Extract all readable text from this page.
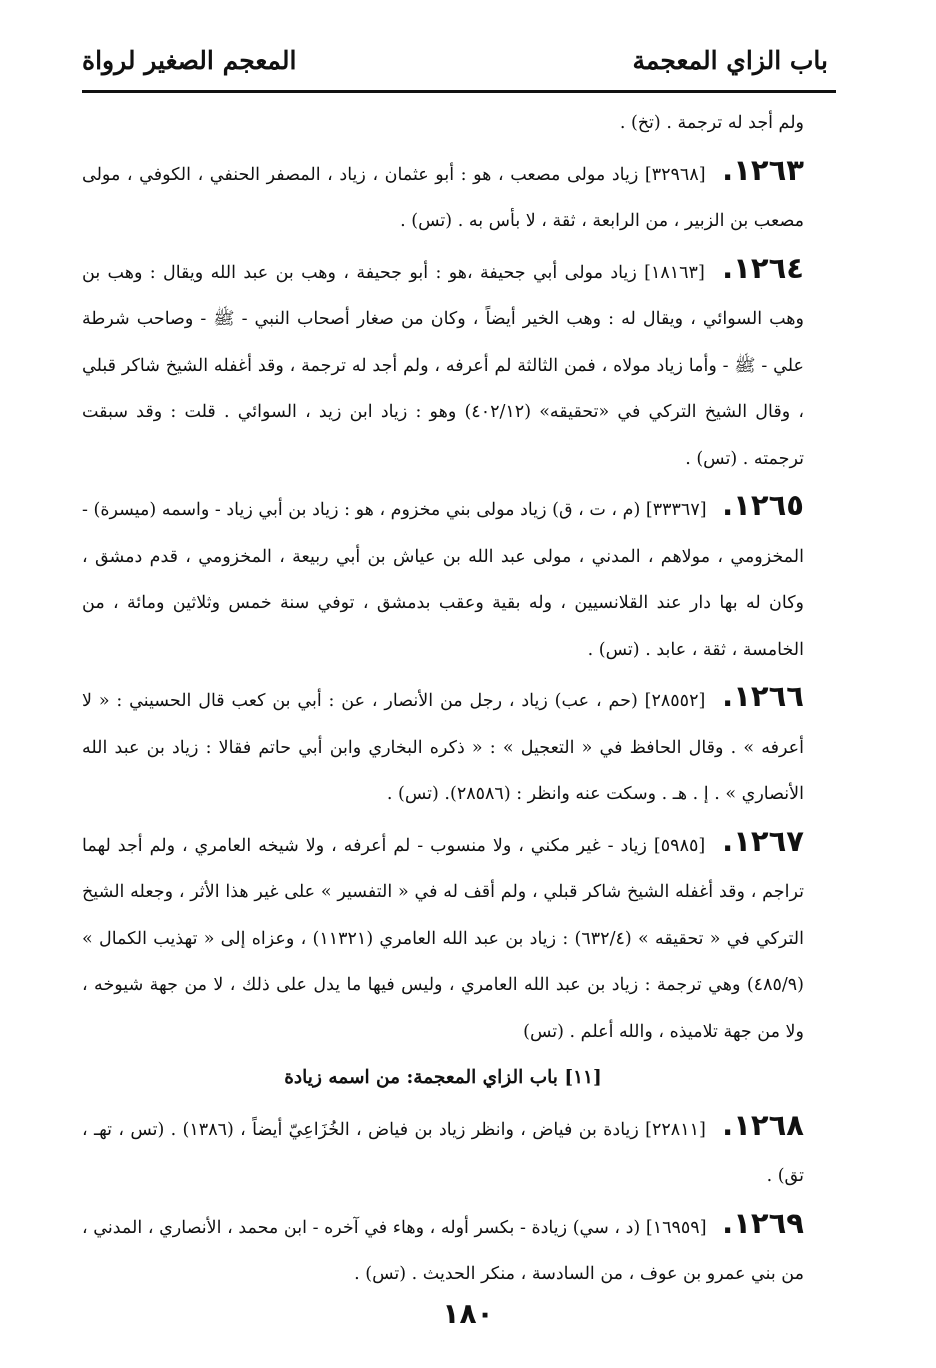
باب الزاي المعجمة
المعجم الصغير لرواة

ولم أجد له ترجمة . (تخ) .

١٢٦٣. [٣٢٩٦٨] زياد مولى مصعب ، هو : أبو عثمان ، زياد ، المصفر الحنفي ، الكوفي ، مولى مصعب بن الزبير ، من الرابعة ، ثقة ، لا بأس به . (تس) .

١٢٦٤. [١٨١٦٣] زياد مولى أبي جحيفة ،هو : أبو جحيفة ، وهب بن عبد الله ويقال : وهب بن وهب السوائي ، ويقال له : وهب الخير أيضاً ، وكان من صغار أصحاب النبي - ﷺ - وصاحب شرطة علي - ﷺ - وأما زياد مولاه ، فمن الثالثة لم أعرفه ، ولم أجد له ترجمة ، وقد أغفله الشيخ شاكر قبلي ، وقال الشيخ التركي في «تحقيقه» (٤٠٢/١٢) وهو : زياد ابن زيد ، السوائي . قلت : وقد سبقت ترجمته . (تس) .

١٢٦٥. [٣٣٣٦٧] (م ، ت ، ق) زياد مولى بني مخزوم ، هو : زياد بن أبي زياد - واسمه (ميسرة) - المخزومي ، مولاهم ، المدني ، مولى عبد الله بن عياش بن أبي ربيعة ، المخزومي ، قدم دمشق ، وكان له بها دار عند القلانسيين ، وله بقية وعقب بدمشق ، توفي سنة خمس وثلاثين ومائة ، من الخامسة ، ثقة ، عابد . (تس) .

١٢٦٦. [٢٨٥٥٢] (حم ، عب) زياد ، رجل من الأنصار ، عن : أبي بن كعب قال الحسيني : « لا أعرفه » . وقال الحافظ في « التعجيل » : « ذكره البخاري وابن أبي حاتم فقالا : زياد بن عبد الله الأنصاري » . إ . هـ . وسكت عنه وانظر : (٢٨٥٨٦). (تس) .

١٢٦٧. [٥٩٨٥] زياد - غير مكني ، ولا منسوب - لم أعرفه ، ولا شيخه العامري ، ولم أجد لهما تراجم ، وقد أغفله الشيخ شاكر قبلي ، ولم أقف له في « التفسير » على غير هذا الأثر ، وجعله الشيخ التركي في « تحقيقه » (٦٣٢/٤) : زياد بن عبد الله العامري (١١٣٢١) ، وعزاه إلى « تهذيب الكمال » (٤٨٥/٩) وهي ترجمة : زياد بن عبد الله العامري ، وليس فيها ما يدل على ذلك ، لا من جهة شيوخه ، ولا من جهة تلاميذه ، والله أعلم . (تس)

[١١] باب الزاي المعجمة: من اسمه زيادة

١٢٦٨. [٢٢٨١١] زيادة بن فياض ، وانظر زياد بن فياض ، الخُزَاعِيّ أيضاً ، (١٣٨٦) . (تس ، تهـ ، تق) .

١٢٦٩. [١٦٩٥٩] (د ، سي) زيادة - بكسر أوله ، وهاء في آخره - ابن محمد ، الأنصاري ، المدني ، من بني عمرو بن عوف ، من السادسة ، منكر الحديث . (تس) .

١٨٠
